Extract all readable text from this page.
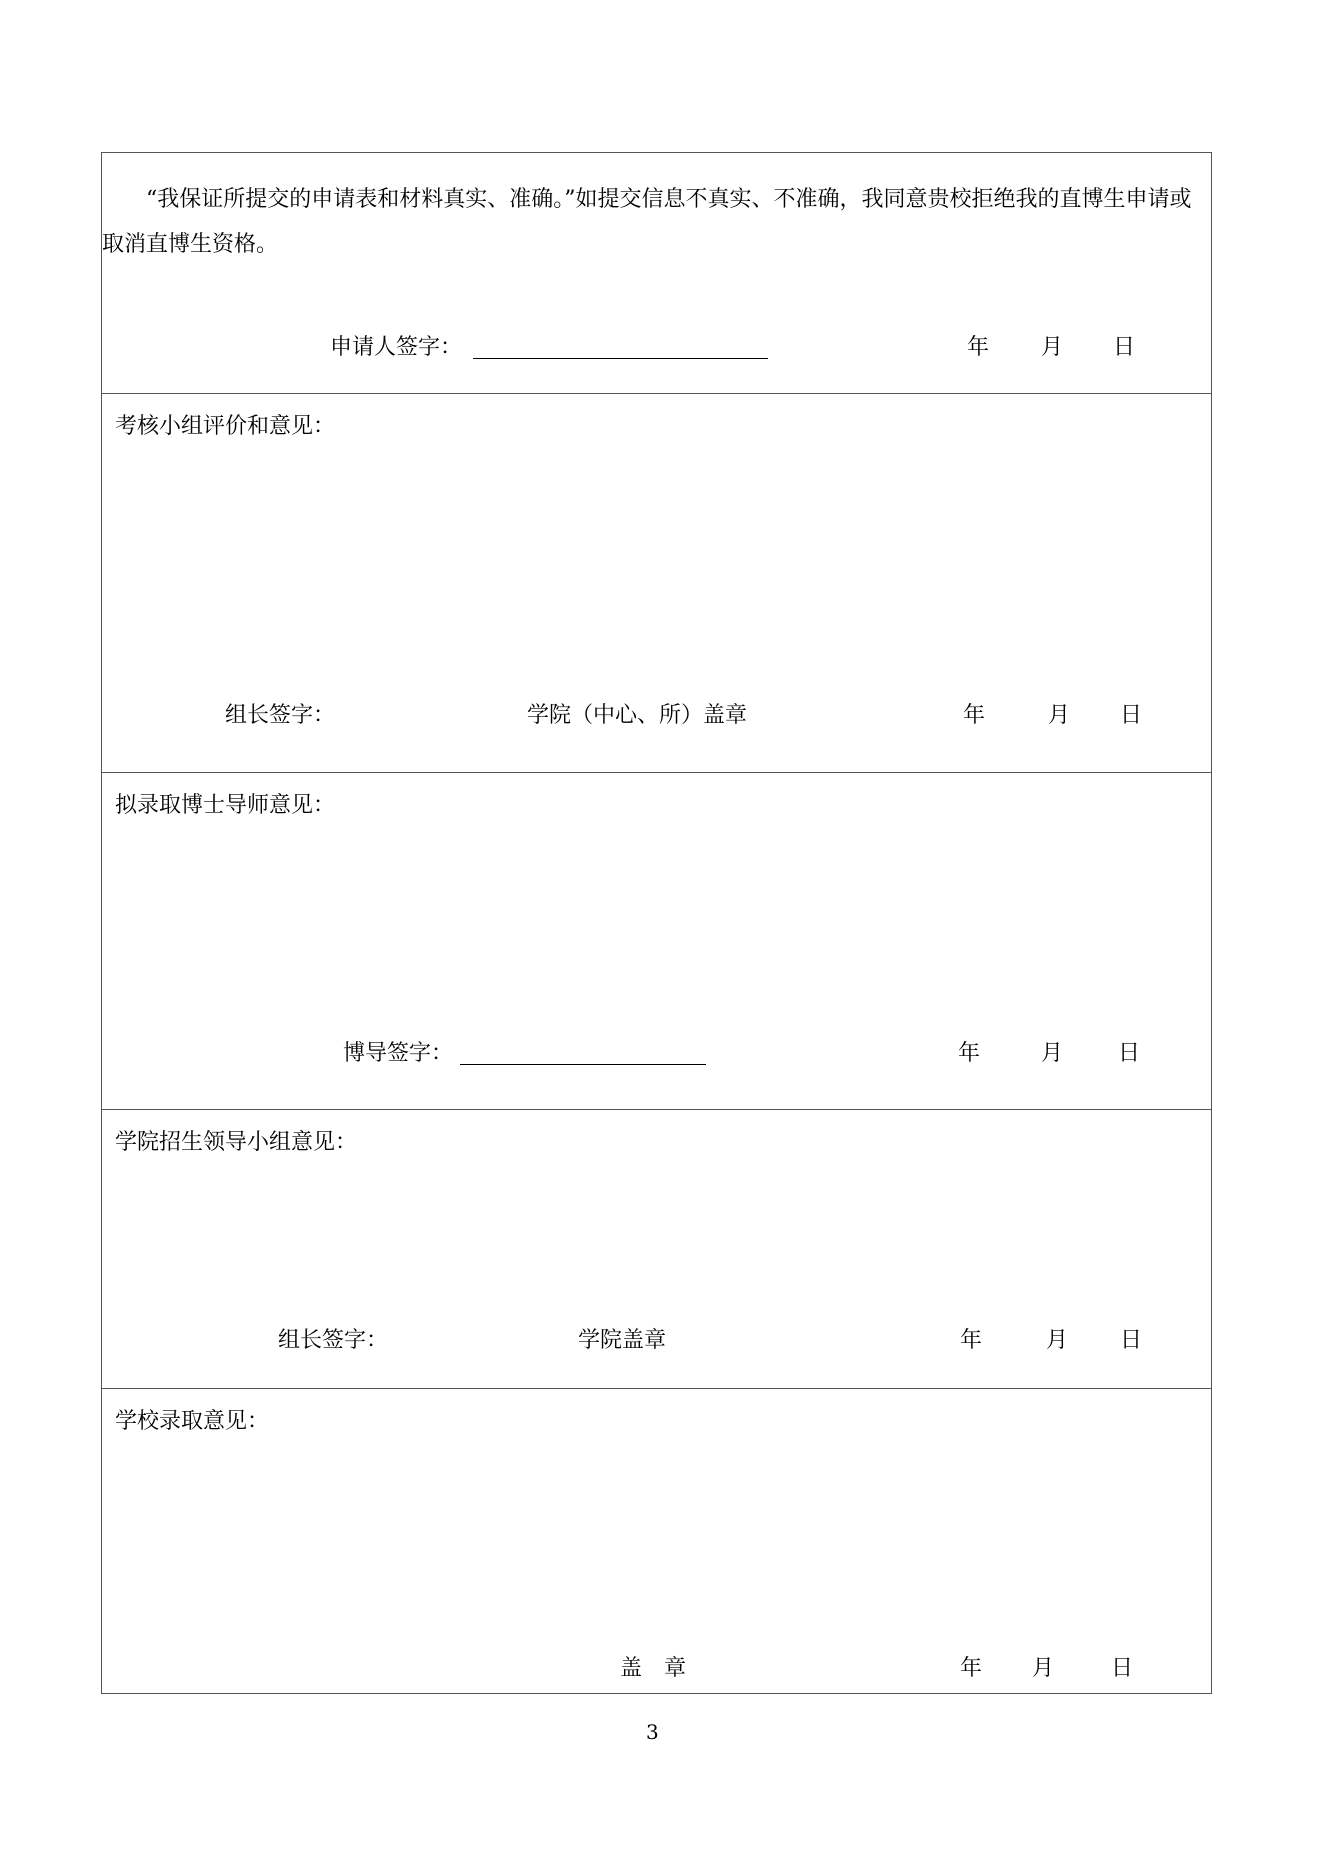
“我保证所提交的申请表和材料真实、准确。”如提交信息不真实、不准确，我同意贵校拒绝我的直博生申请或取消直博生资格。
申请人签字：	年 月 日
考核小组评价和意见：
组长签字：	学院（中心、所）盖章	年	月 日
拟录取博士导师意见：
博导签字：	年	月 日
学院招生领导小组意见：
组长签字：	学院盖章	年	月 日
学校录取意见：
盖　章	年 月	日
3
